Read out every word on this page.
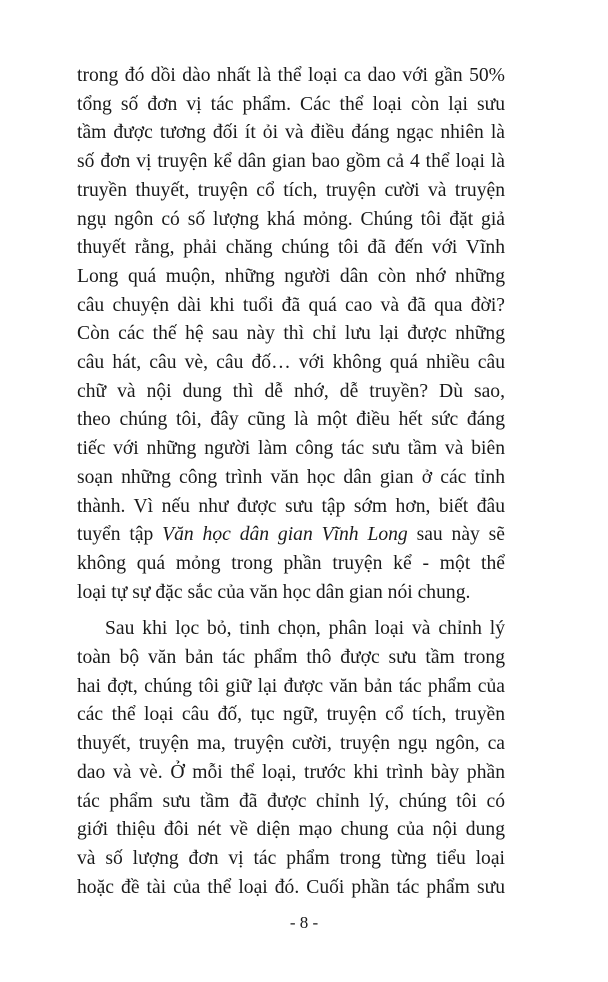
trong đó dồi dào nhất là thể loại ca dao với gần 50%
tổng số đơn vị tác phẩm. Các thể loại còn lại sưu
tầm được tương đối ít ỏi và điều đáng ngạc nhiên là
số đơn vị truyện kể dân gian bao gồm cả 4 thể loại là
truyền thuyết, truyện cổ tích, truyện cười và truyện
ngụ ngôn có số lượng khá mỏng. Chúng tôi đặt giả
thuyết rằng, phải chăng chúng tôi đã đến với Vĩnh
Long quá muộn, những người dân còn nhớ những
câu chuyện dài khi tuổi đã quá cao và đã qua đời?
Còn các thế hệ sau này thì chỉ lưu lại được những
câu hát, câu vè, câu đố… với không quá nhiều câu
chữ và nội dung thì dễ nhớ, dễ truyền? Dù sao,
theo chúng tôi, đây cũng là một điều hết sức đáng
tiếc với những người làm công tác sưu tầm và biên
soạn những công trình văn học dân gian ở các tỉnh
thành. Vì nếu như được sưu tập sớm hơn, biết đâu
tuyển tập Văn học dân gian Vĩnh Long sau này sẽ
không quá mỏng trong phần truyện kể - một thể
loại tự sự đặc sắc của văn học dân gian nói chung.
Sau khi lọc bỏ, tinh chọn, phân loại và chỉnh lý
toàn bộ văn bản tác phẩm thô được sưu tầm trong
hai đợt, chúng tôi giữ lại được văn bản tác phẩm của
các thể loại câu đố, tục ngữ, truyện cổ tích, truyền
thuyết, truyện ma, truyện cười, truyện ngụ ngôn, ca
dao và vè. Ở mỗi thể loại, trước khi trình bày phần
tác phẩm sưu tầm đã được chỉnh lý, chúng tôi có
giới thiệu đôi nét về diện mạo chung của nội dung
và số lượng đơn vị tác phẩm trong từng tiểu loại
hoặc đề tài của thể loại đó. Cuối phần tác phẩm sưu
- 8 -
